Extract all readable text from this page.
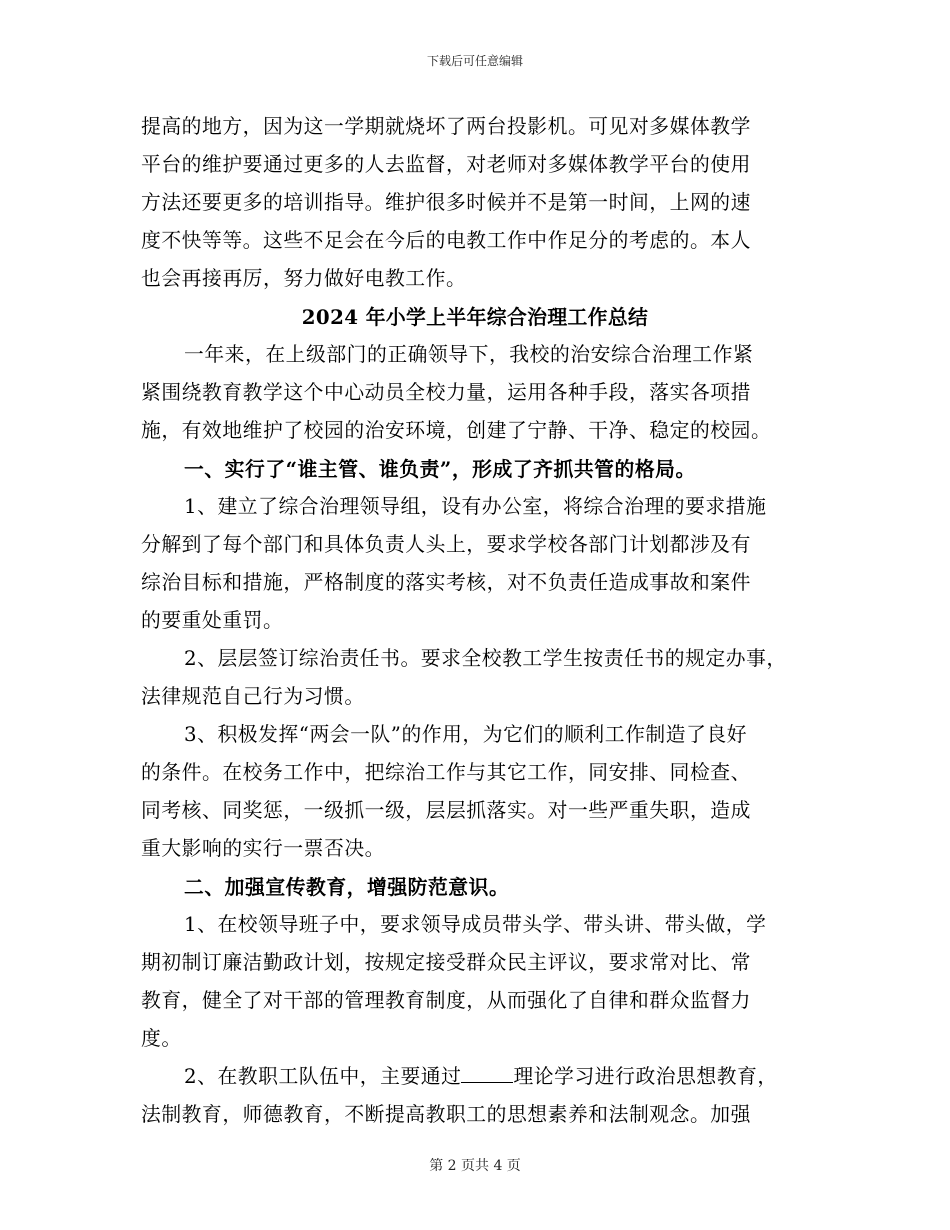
下载后可任意编辑
提高的地方，因为这一学期就烧坏了两台投影机。可见对多媒体教学
平台的维护要通过更多的人去监督，对老师对多媒体教学平台的使用
方法还要更多的培训指导。维护很多时候并不是第一时间，上网的速
度不快等等。这些不足会在今后的电教工作中作足分的考虑的。本人
也会再接再厉，努力做好电教工作。
2024 年小学上半年综合治理工作总结
一年来，在上级部门的正确领导下，我校的治安综合治理工作紧
紧围绕教育教学这个中心动员全校力量，运用各种手段，落实各项措
施，有效地维护了校园的治安环境，创建了宁静、干净、稳定的校园。
一、实行了“谁主管、谁负责”，形成了齐抓共管的格局。
1、建立了综合治理领导组，设有办公室，将综合治理的要求措施
分解到了每个部门和具体负责人头上，要求学校各部门计划都涉及有
综治目标和措施，严格制度的落实考核，对不负责任造成事故和案件
的要重处重罚。
2、层层签订综治责任书。要求全校教工学生按责任书的规定办事，
法律规范自己行为习惯。
3、积极发挥“两会一队”的作用，为它们的顺利工作制造了良好
的条件。在校务工作中，把综治工作与其它工作，同安排、同检查、
同考核、同奖惩，一级抓一级，层层抓落实。对一些严重失职，造成
重大影响的实行一票否决。
二、加强宣传教育，增强防范意识。
1、在校领导班子中，要求领导成员带头学、带头讲、带头做，学
期初制订廉洁勤政计划，按规定接受群众民主评议，要求常对比、常
教育，健全了对干部的管理教育制度，从而强化了自律和群众监督力
度。
2、在教职工队伍中，主要通过	理论学习进行政治思想教育，
法制教育，师德教育，不断提高教职工的思想素养和法制观念。加强
第 2 页共 4 页
